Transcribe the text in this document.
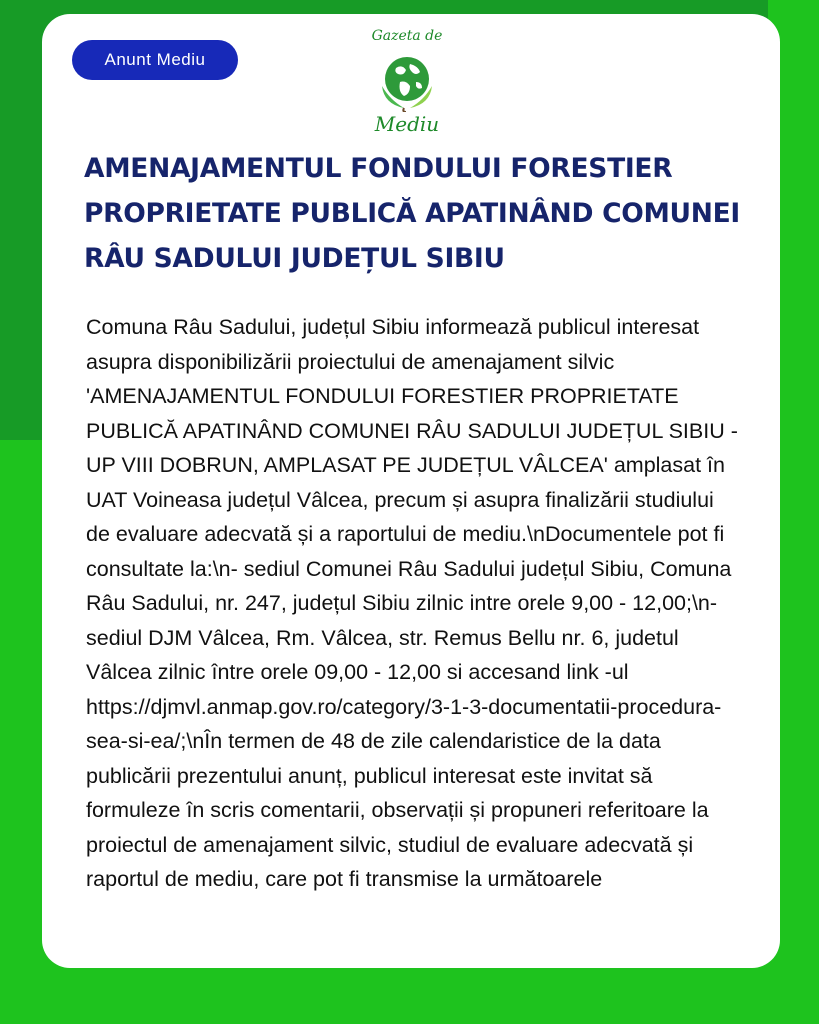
Anunt Mediu
Gazeta de
Mediu
AMENAJAMENTUL FONDULUI FORESTIER PROPRIETATE PUBLICĂ APATINÂND COMUNEI RÂU SADULUI JUDEȚUL SIBIU

Comuna Râu Sadului, județul Sibiu informează publicul interesat asupra disponibilizării proiectului de amenajament silvic 'AMENAJAMENTUL FONDULUI FORESTIER PROPRIETATE PUBLICĂ APATINÂND COMUNEI RÂU SADULUI JUDEȚUL SIBIU - UP VIII DOBRUN, AMPLASAT PE JUDEȚUL VÂLCEA' amplasat în UAT Voineasa județul Vâlcea, precum și asupra finalizării studiului de evaluare adecvată și a raportului de mediu.\nDocumentele pot fi consultate la:\n- sediul Comunei Râu Sadului județul Sibiu, Comuna Râu Sadului, nr. 247, județul Sibiu zilnic intre orele 9,00 - 12,00;\n- sediul DJM Vâlcea, Rm. Vâlcea, str. Remus Bellu nr. 6, judetul Vâlcea zilnic între orele 09,00 - 12,00 si accesand link -ul https://djmvl.anmap.gov.ro/category/3-1-3-documentatii-procedura-sea-si-ea/;\nÎn termen de 48 de zile calendaristice de la data publicării prezentului anunț, publicul interesat este invitat să formuleze în scris comentarii, observații și propuneri referitoare la proiectul de amenajament silvic, studiul de evaluare adecvată și raportul de mediu, care pot fi transmise la următoarele
